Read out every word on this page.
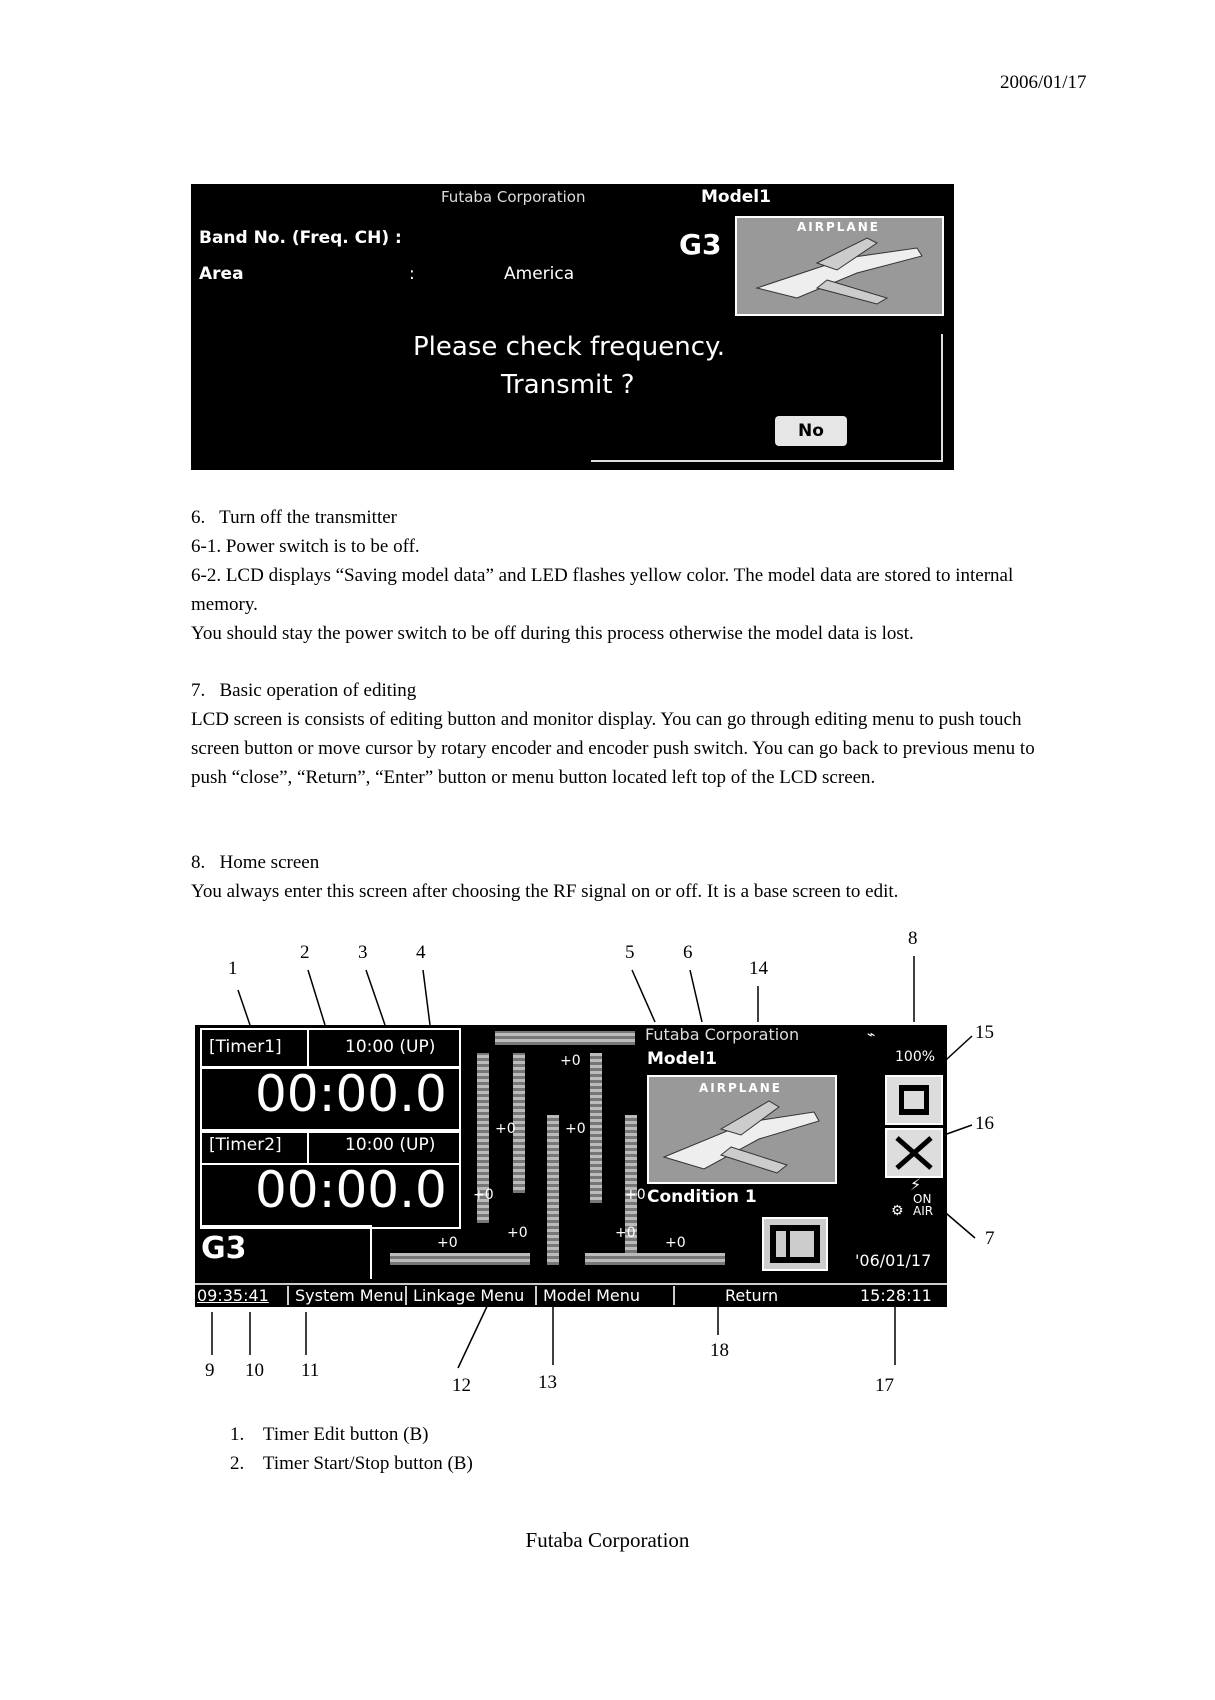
2006/01/17
Futaba Corporation	Model1
Band No. (Freq. CH) :
Area	:	America
G3
AIRPLANE
Please check frequency.
Transmit ?
No

6.   Turn off the transmitter

6-1. Power switch is to be off.

6-2. LCD displays “Saving model data” and LED flashes yellow color. The model data are stored to internal memory.

You should stay the power switch to be off during this process otherwise the model data is lost.

7.   Basic operation of editing

LCD screen is consists of editing button and monitor display. You can go through editing menu to push touch screen button or move cursor by rotary encoder and encoder push switch. You can go back to previous menu to push “close”, “Return”, “Enter” button or menu button located left top of the LCD screen.

8.   Home screen

You always enter this screen after choosing the RF signal on or off. It is a base screen to edit.

1
2	3	4	5	6
14
8
15
16
7
9 10 11
12	13
18
17
[Timer1]	10:00 (UP)
00:00.0
[Timer2]	10:00 (UP)
00:00.0
G3
+0
+0	+0
+0	+0
+0
+0	+0
+0
Futaba Corporation
Model1
AIRPLANE
Condition 1
⌁
100%
⚡
ON AIR
⚙
'06/01/17
09:35:41	System Menu Linkage Menu	Model Menu	Return	15:28:11
1.    Timer Edit button (B)
2.    Timer Start/Stop button (B)
Futaba Corporation
